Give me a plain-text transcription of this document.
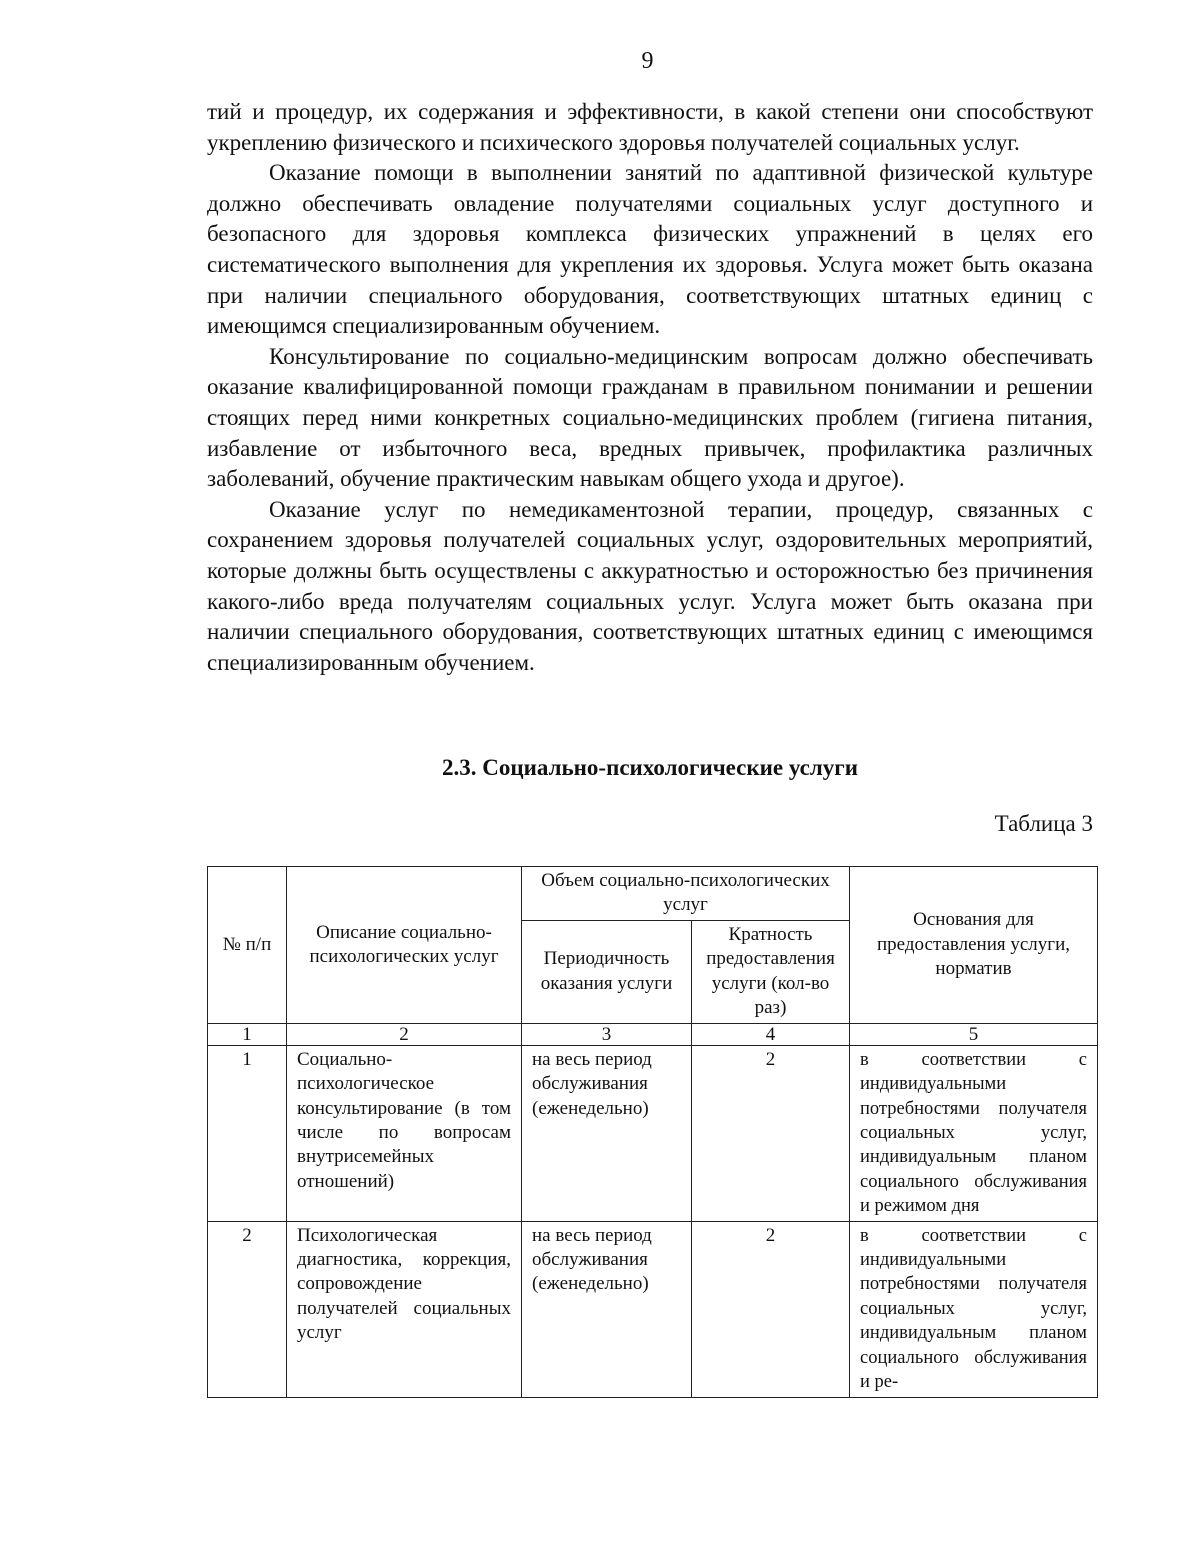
9

тий и процедур, их содержания и эффективности, в какой степени они способствуют укреплению физического и психического здоровья получателей социальных услуг.

Оказание помощи в выполнении занятий по адаптивной физической культуре должно обеспечивать овладение получателями социальных услуг доступного и безопасного для здоровья комплекса физических упражнений в целях его систематического выполнения для укрепления их здоровья. Услуга может быть оказана при наличии специального оборудования, соответствующих штатных единиц с имеющимся специализированным обучением.

Консультирование по социально-медицинским вопросам должно обеспечивать оказание квалифицированной помощи гражданам в правильном понимании и решении стоящих перед ними конкретных социально-медицинских проблем (гигиена питания, избавление от избыточного веса, вредных привычек, профилактика различных заболеваний, обучение практическим навыкам общего ухода и другое).

Оказание услуг по немедикаментозной терапии, процедур, связанных с сохранением здоровья получателей социальных услуг, оздоровительных мероприятий, которые должны быть осуществлены с аккуратностью и осторожностью без причинения какого-либо вреда получателям социальных услуг. Услуга может быть оказана при наличии специального оборудования, соответствующих штатных единиц с имеющимся специализированным обучением.

2.3. Социально-психологические услуги
Таблица 3
№ п/п	Описание социально-психологических услуг	Объем социально-психологических услуг		Основания для предоставления услуги, норматив
		Периодичность оказания услуги	Кратность предоставления услуги (кол-во раз)	
1	2	3	4	5
1	Социально-психологическое консультирование (в том числе по вопросам внутрисемейных отношений)	на весь период обслуживания (еженедельно)	2	в соответствии с индивидуальными потребностями получателя социальных услуг, индивидуальным планом социального обслуживания и режимом дня
2	Психологическая диагностика, коррекция, сопровождение получателей социальных услуг	на весь период обслуживания (еженедельно)	2	в соответствии с индивидуальными потребностями получателя социальных услуг, индивидуальным планом социального обслуживания и ре-
